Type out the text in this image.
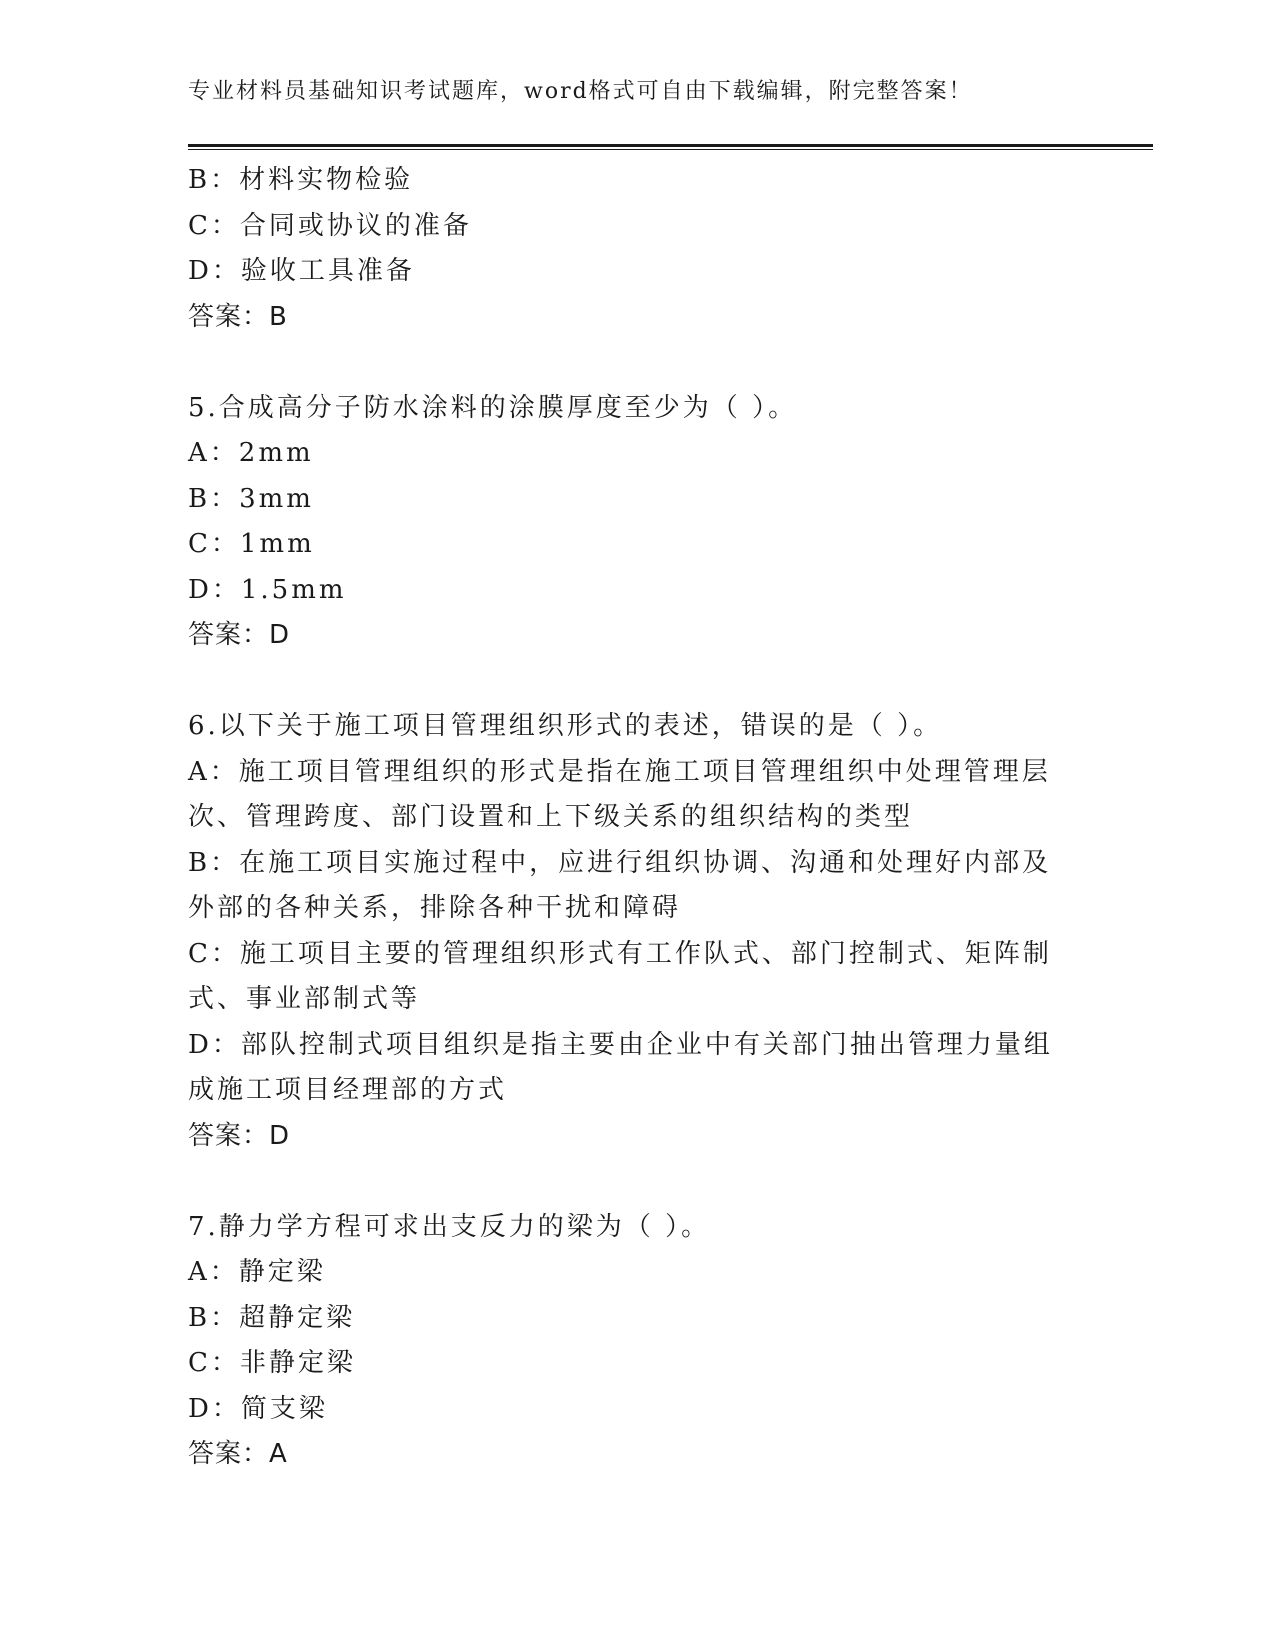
专业材料员基础知识考试题库，word格式可自由下载编辑，附完整答案！
B：材料实物检验
C：合同或协议的准备
D：验收工具准备
答案：B
5.合成高分子防水涂料的涂膜厚度至少为（ ）。
A：2mm
B：3mm
C：1mm
D：1.5mm
答案：D
6.以下关于施工项目管理组织形式的表述，错误的是（ ）。
A：施工项目管理组织的形式是指在施工项目管理组织中处理管理层次、管理跨度、部门设置和上下级关系的组织结构的类型
B：在施工项目实施过程中，应进行组织协调、沟通和处理好内部及外部的各种关系，排除各种干扰和障碍
C：施工项目主要的管理组织形式有工作队式、部门控制式、矩阵制式、事业部制式等
D：部队控制式项目组织是指主要由企业中有关部门抽出管理力量组成施工项目经理部的方式
答案：D
7.静力学方程可求出支反力的梁为（ ）。
A：静定梁
B：超静定梁
C：非静定梁
D：简支梁
答案：A
